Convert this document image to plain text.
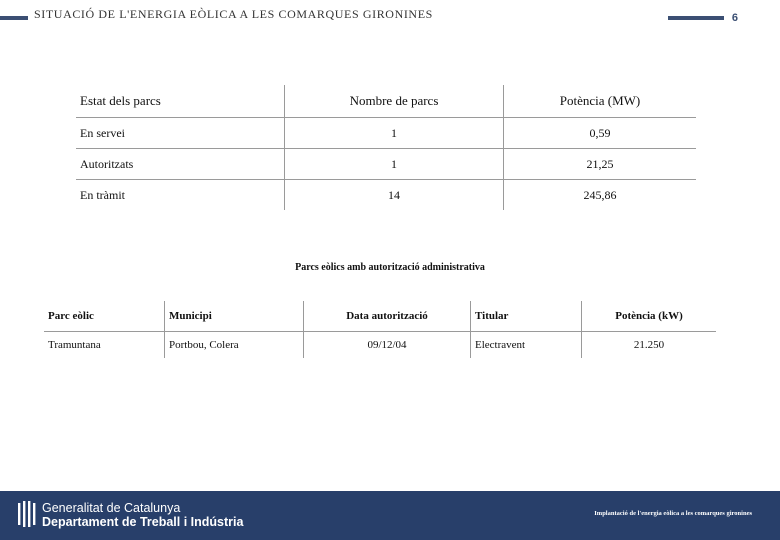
SITUACIÓ DE L'ENERGIA EÒLICA A LES COMARQUES GIRONINES	6
Estat dels parcs	Nombre de parcs	Potència (MW)
En servei	1	0,59
Autoritzats	1	21,25
En tràmit	14	245,86
Parcs eòlics amb autorització administrativa
Parc eòlic	Municipi	Data autorització	Titular	Potència (kW)
Tramuntana	Portbou, Colera	09/12/04	Electravent	21.250
Generalitat de Catalunya
Departament de Treball i Indústria
Implantació de l'energia eòlica a les comarques gironines
